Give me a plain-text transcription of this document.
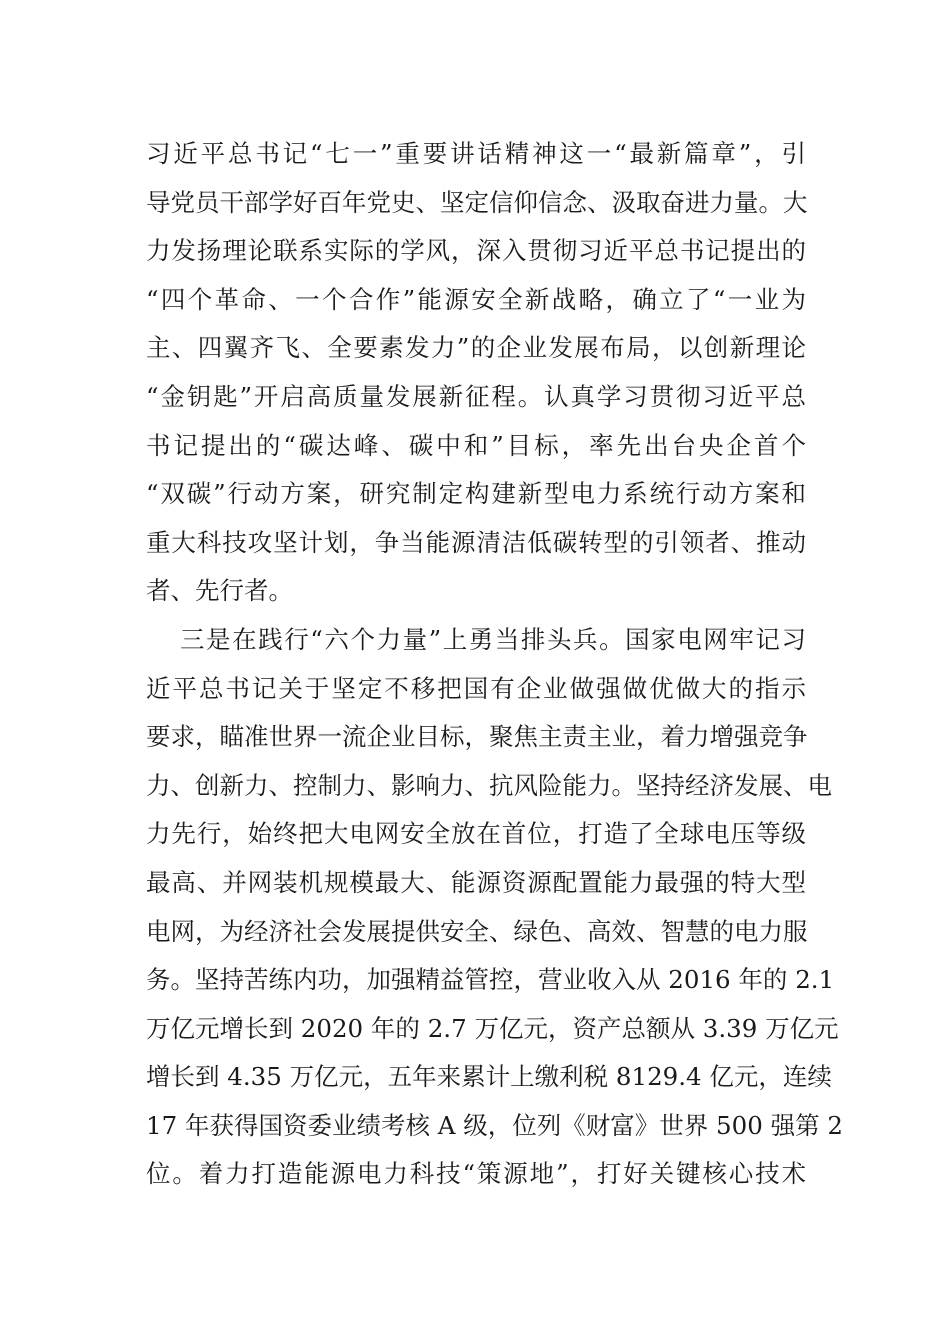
习近平总书记“七一”重要讲话精神这一“最新篇章”，引
导党员干部学好百年党史、坚定信仰信念、汲取奋进力量。大
力发扬理论联系实际的学风，深入贯彻习近平总书记提出的
“四个革命、一个合作”能源安全新战略，确立了“一业为
主、四翼齐飞、全要素发力”的企业发展布局，以创新理论
“金钥匙”开启高质量发展新征程。认真学习贯彻习近平总
书记提出的“碳达峰、碳中和”目标，率先出台央企首个
“双碳”行动方案，研究制定构建新型电力系统行动方案和
重大科技攻坚计划，争当能源清洁低碳转型的引领者、推动
者、先行者。
三是在践行“六个力量”上勇当排头兵。国家电网牢记习
近平总书记关于坚定不移把国有企业做强做优做大的指示
要求，瞄准世界一流企业目标，聚焦主责主业，着力增强竞争
力、创新力、控制力、影响力、抗风险能力。坚持经济发展、电
力先行，始终把大电网安全放在首位，打造了全球电压等级
最高、并网装机规模最大、能源资源配置能力最强的特大型
电网，为经济社会发展提供安全、绿色、高效、智慧的电力服
务。坚持苦练内功，加强精益管控，营业收入从 2016 年的 2.1
万亿元增长到 2020 年的 2.7 万亿元，资产总额从 3.39 万亿元
增长到 4.35 万亿元，五年来累计上缴利税 8129.4 亿元，连续
17 年获得国资委业绩考核 A 级，位列《财富》世界 500 强第 2
位。着力打造能源电力科技“策源地”，打好关键核心技术
